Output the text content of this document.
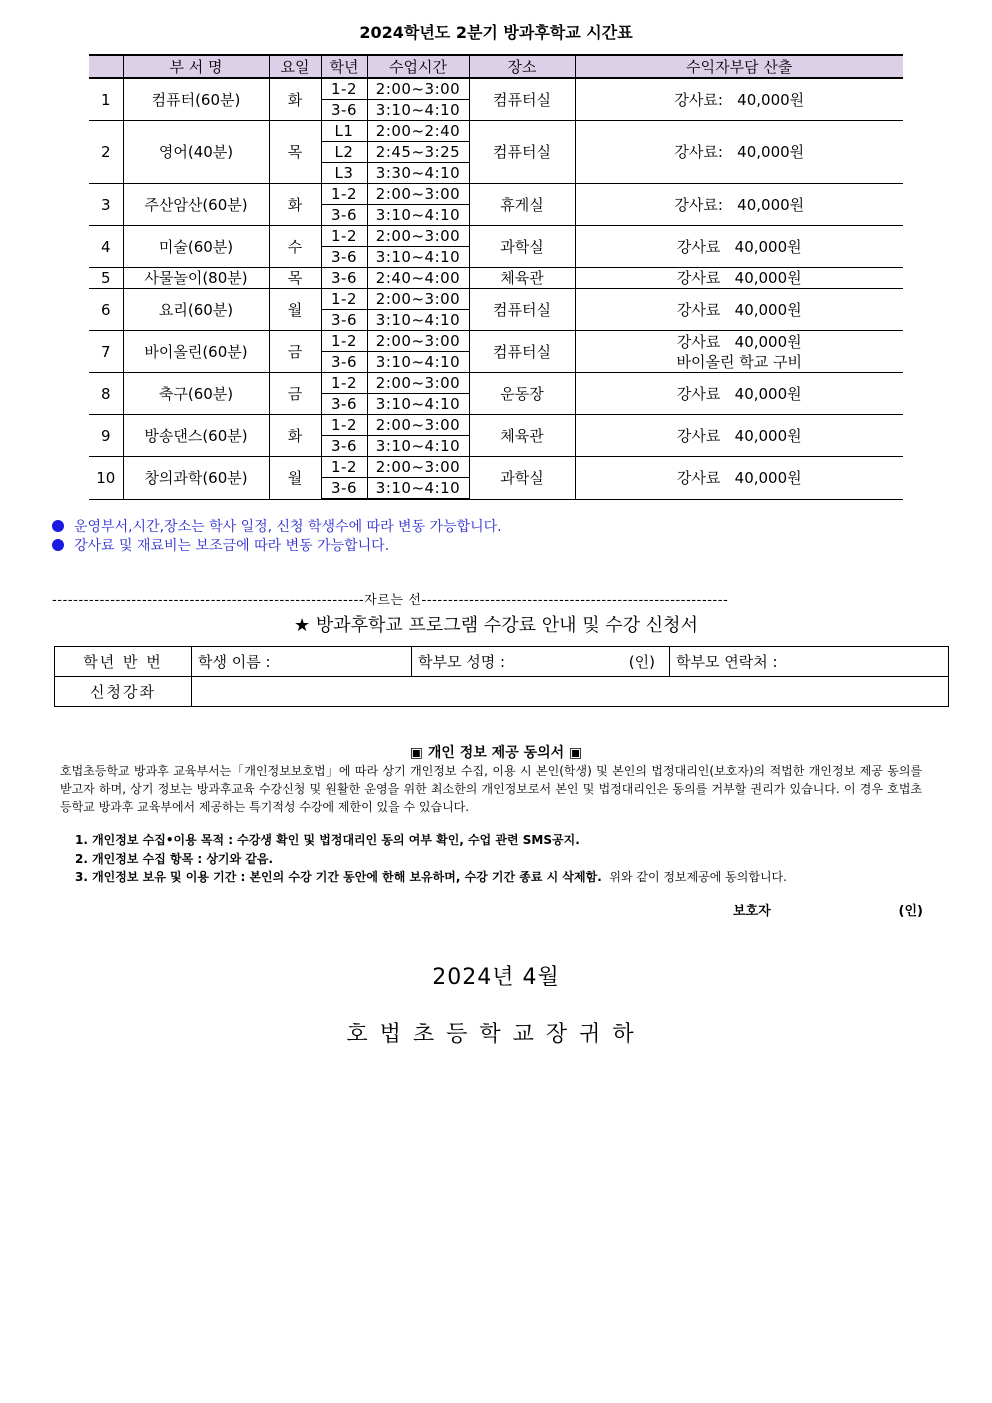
2024학년도 2분기 방과후학교 시간표
	부 서 명	요일	학년	수업시간	장소	수익자부담 산출
1	컴퓨터(60분)	화	1-2	2:00~3:00	컴퓨터실	강사료:   40,000원

			3-6	3:10~4:10		
2	영어(40분)	목	L1	2:00~2:40	컴퓨터실	강사료:   40,000원

			L2	2:45~3:25		
			L3	3:30~4:10		
3	주산암산(60분)	화	1-2	2:00~3:00	휴게실	강사료:   40,000원

			3-6	3:10~4:10		
4	미술(60분)	수	1-2	2:00~3:00	과학실	강사료   40,000원

			3-6	3:10~4:10		
5	사물놀이(80분)	목	3-6	2:40~4:00	체육관	강사료   40,000원

6	요리(60분)	월	1-2	2:00~3:00	컴퓨터실	강사료   40,000원

			3-6	3:10~4:10		
7	바이올린(60분)	금	1-2	2:00~3:00	컴퓨터실	강사료   40,000원
바이올린 학교 구비

			3-6	3:10~4:10		
8	축구(60분)	금	1-2	2:00~3:00	운동장	강사료   40,000원

			3-6	3:10~4:10		
9	방송댄스(60분)	화	1-2	2:00~3:00	체육관	강사료   40,000원

			3-6	3:10~4:10		
10	창의과학(60분)	월	1-2	2:00~3:00	과학실	강사료   40,000원

			3-6	3:10~4:10		
운영부서,시간,장소는 학사 일정, 신청 학생수에 따라 변동 가능합니다.
강사료 및 재료비는 보조금에 따라 변동 가능합니다.
-----------------------------------------------------------자르는 선----------------------------------------------------------
★ 방과후학교 프로그램 수강료 안내 및 수강 신청서
학년 반 번	학생 이름 :	학부모 성명 : (인)	학부모 연락처 :
신청강좌			
▣ 개인 정보 제공 동의서 ▣
호법초등학교 방과후 교육부서는「개인정보보호법」에 따라 상기 개인정보 수집, 이용 시 본인(학생) 및 본인의 법정대리인(보호자)의 적법한 개인정보 제공 동의를 받고자 하며, 상기 정보는 방과후교육 수강신청 및 원활한 운영을 위한 최소한의 개인정보로서 본인 및 법정대리인은 동의를 거부할 권리가 있습니다. 이 경우 호법초등학교 방과후 교육부에서 제공하는 특기적성 수강에 제한이 있을 수 있습니다.
1. 개인정보 수집•이용 목적 : 수강생 확인 및 법정대리인 동의 여부 확인, 수업 관련 SMS공지.
2. 개인정보 수집 항목 : 상기와 같음.
3. 개인정보 보유 및 이용 기간 : 본인의 수강 기간 동안에 한해 보유하며, 수강 기간 종료 시 삭제함. 위와 같이 정보제공에 동의합니다.
보호자	(인)
2024년 4월
호법초등학교장귀하
